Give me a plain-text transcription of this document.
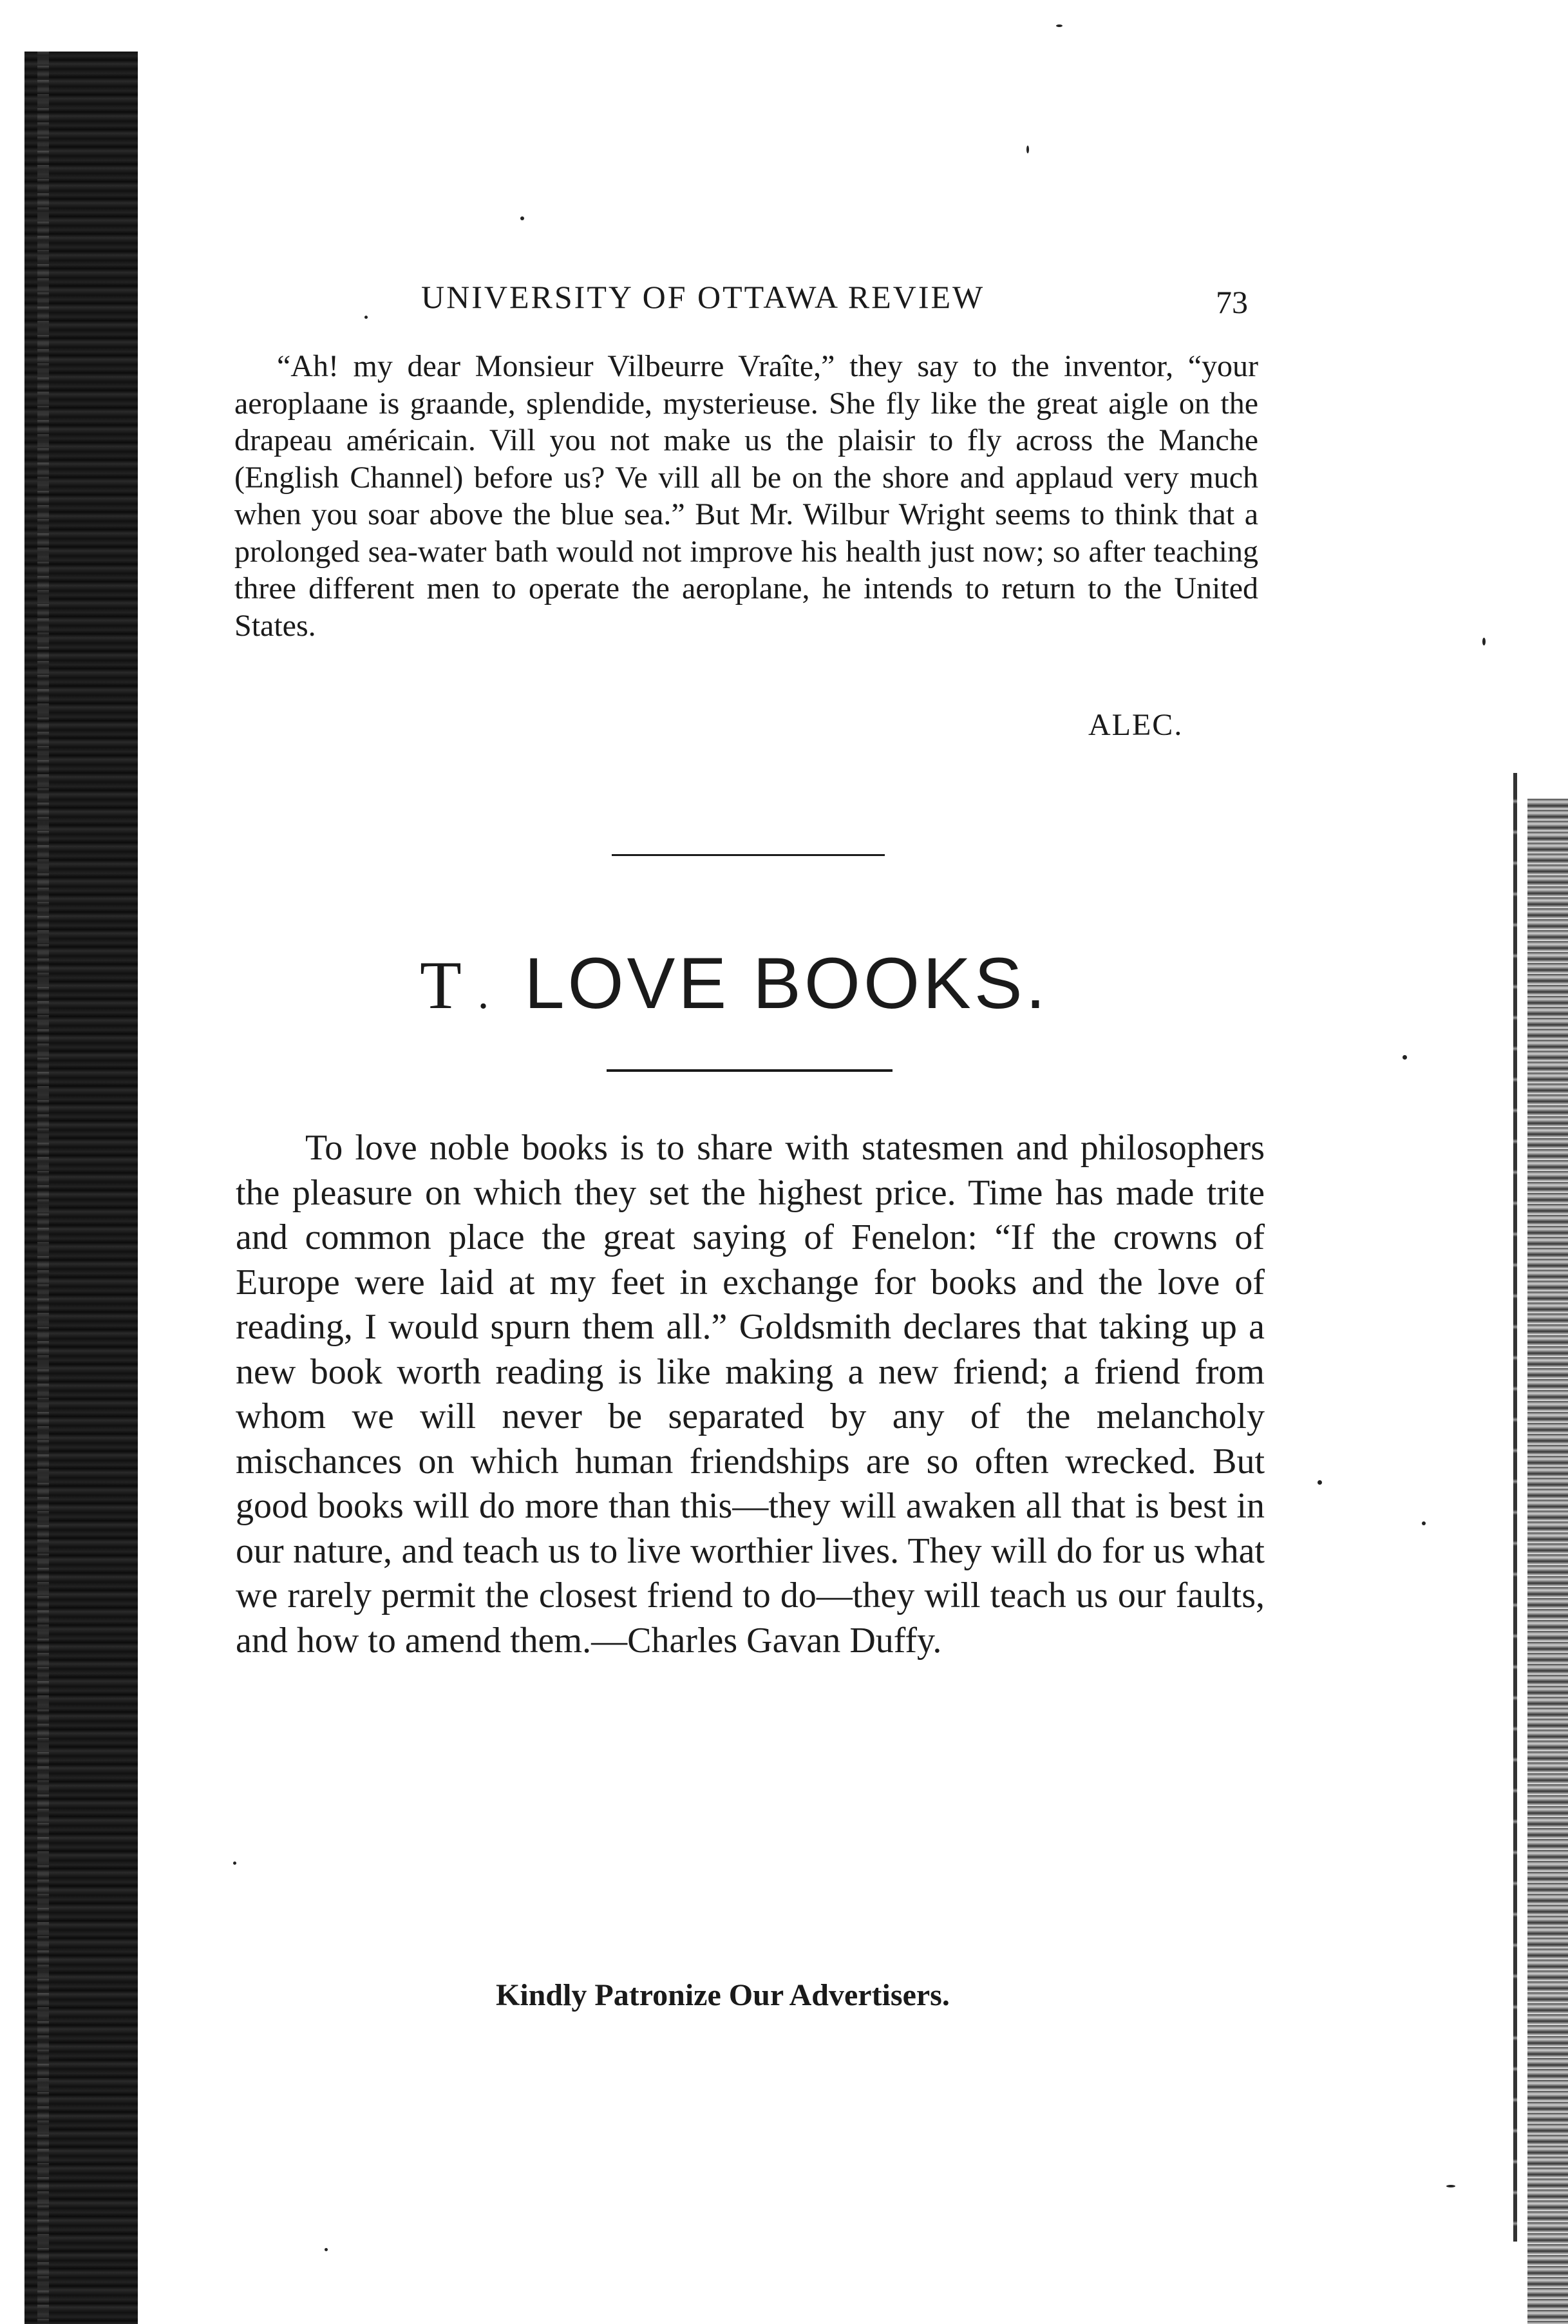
UNIVERSITY OF OTTAWA REVIEW	73

“Ah! my dear Monsieur Vilbeurre Vraîte,” they say to the inventor, “your aeroplaane is graande, splendide, mysterieuse. She fly like the great aigle on the drapeau américain. Vill you not make us the plaisir to fly across the Manche (English Channel) before us? Ve vill all be on the shore and applaud very much when you soar above the blue sea.” But Mr. Wilbur Wright seems to think that a prolonged sea-water bath would not improve his health just now; so after teaching three different men to operate the aeroplane, he intends to return to the United States.

ALEC.
T . LOVE BOOKS.

To love noble books is to share with statesmen and philosophers the pleasure on which they set the highest price. Time has made trite and common place the great saying of Fenelon: “If the crowns of Europe were laid at my feet in exchange for books and the love of reading, I would spurn them all.” Goldsmith declares that taking up a new book worth reading is like making a new friend; a friend from whom we will never be separated by any of the melancholy mischances on which human friendships are so often wrecked. But good books will do more than this—they will awaken all that is best in our nature, and teach us to live worthier lives. They will do for us what we rarely permit the closest friend to do—they will teach us our faults, and how to amend them.—Charles Gavan Duffy.

Kindly Patronize Our Advertisers.
